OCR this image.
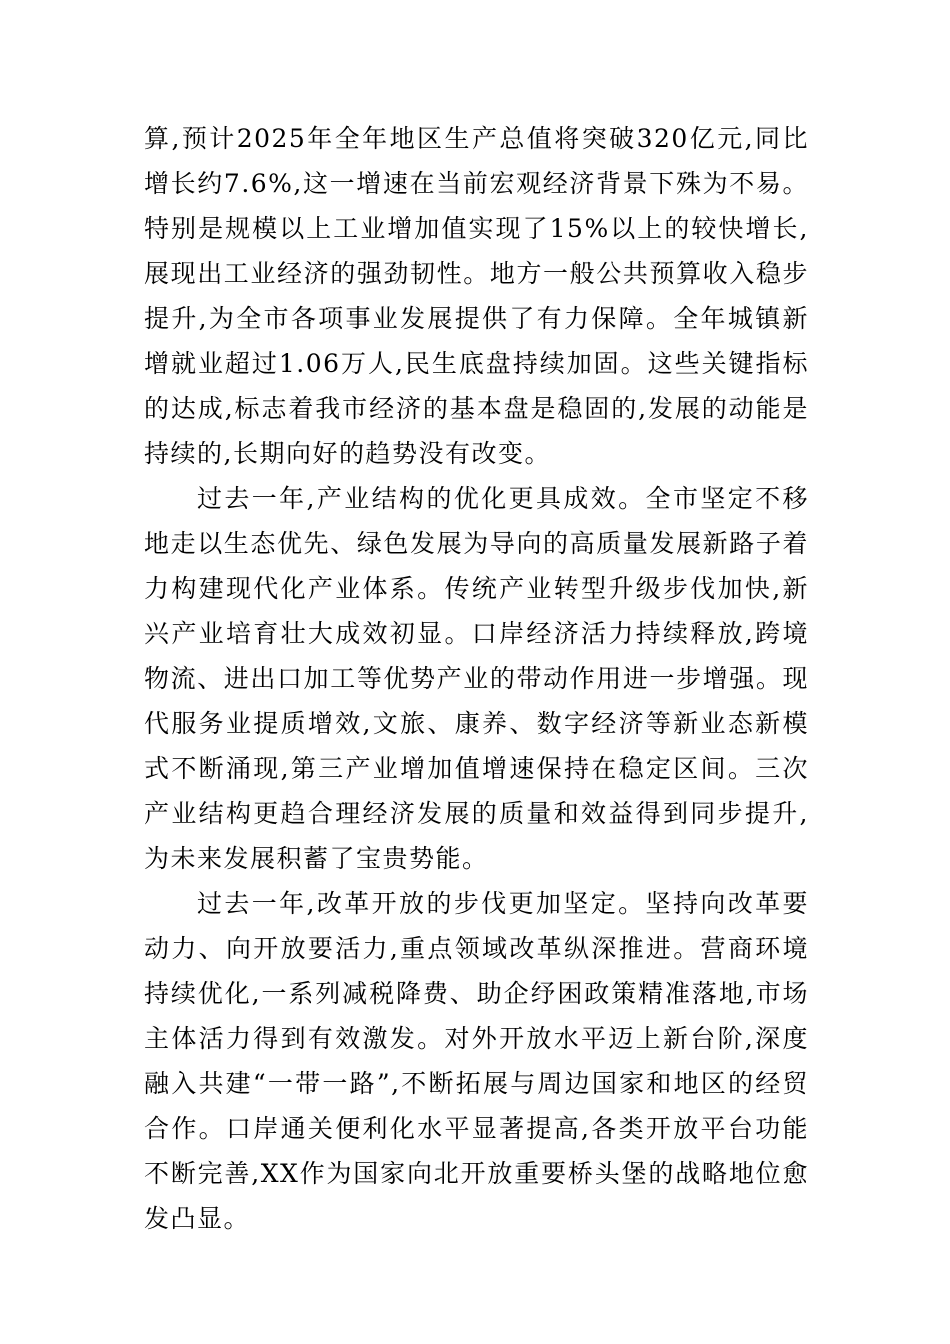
算,预计2025年全年地区生产总值将突破320亿元,同比增长约7.6%,这一增速在当前宏观经济背景下殊为不易。特别是规模以上工业增加值实现了15%以上的较快增长,展现出工业经济的强劲韧性。地方一般公共预算收入稳步提升,为全市各项事业发展提供了有力保障。全年城镇新增就业超过1.06万人,民生底盘持续加固。这些关键指标的达成,标志着我市经济的基本盘是稳固的,发展的动能是持续的,长期向好的趋势没有改变。

过去一年,产业结构的优化更具成效。全市坚定不移地走以生态优先、绿色发展为导向的高质量发展新路子着力构建现代化产业体系。传统产业转型升级步伐加快,新兴产业培育壮大成效初显。口岸经济活力持续释放,跨境物流、进出口加工等优势产业的带动作用进一步增强。现代服务业提质增效,文旅、康养、数字经济等新业态新模式不断涌现,第三产业增加值增速保持在稳定区间。三次产业结构更趋合理经济发展的质量和效益得到同步提升,为未来发展积蓄了宝贵势能。

过去一年,改革开放的步伐更加坚定。坚持向改革要动力、向开放要活力,重点领域改革纵深推进。营商环境持续优化,一系列减税降费、助企纾困政策精准落地,市场主体活力得到有效激发。对外开放水平迈上新台阶,深度融入共建“一带一路”,不断拓展与周边国家和地区的经贸合作。口岸通关便利化水平显著提高,各类开放平台功能不断完善,XX作为国家向北开放重要桥头堡的战略地位愈发凸显。
